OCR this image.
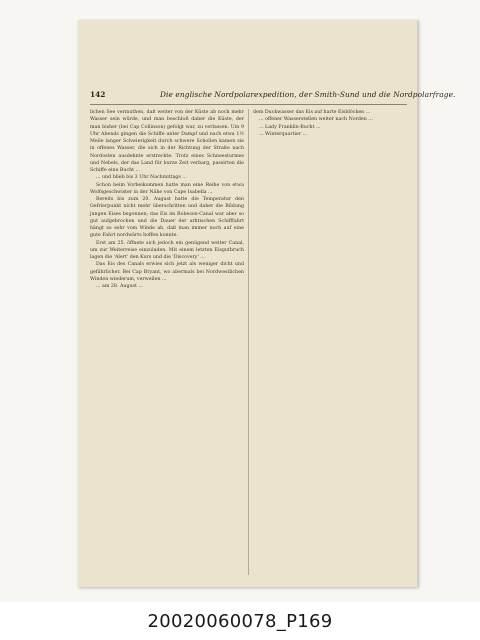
142	Die englische Nordpolarexpedition, der Smith-Sund und die Nordpolarfrage.

lichen See vermuthen, daß weiter von der Küste ab noch mehr Wasser sein würde, und man beschloß daher die Küste, der man bisher (bei Cap Collinson) gefolgt war, zu verlassen. Um 9 Uhr Abends gingen die Schiffe unter Dampf und nach etwa 1½ Meile langer Schwierigkeit durch schwere Schollen kamen sie in offenes Wasser, die sich in der Richtung der Straße nach Nordosten ausdehnte erstreckte. Trotz eines Schneesturmes und Nebels, der das Land für kurze Zeit verbarg, passirten die Schiffe eine Bucht ...

... und blieb bis 3 Uhr Nachmittags ...

Schon beim Vorbeikommen hatte man eine Reihe von etwa Wolfsgeschwister in der Nähe von Cape Isabella ...

Bereits bis zum 20. August hatte die Temperatur den Gefrierpunkt nicht mehr überschritten und daher die Bildung jungen Eises begonnen; das Eis im Robeson-Canal war aber so gut aufgebrochen und die Dauer der arktischen Schifffahrt hängt so sehr vom Winde ab, daß man immer noch auf eine gute Fahrt nordwärts hoffen konnte.

Erst am 25. öffnete sich jedoch ein genügend weiter Canal, um zur Weiterreise einzuladen. Mit einem letzten Eisgutbruch lagen die 'Alert' den Kurs und die 'Discovery' ...

Das Eis des Canals erwies sich jetzt als weniger dicht und gefährlicher. Bei Cap Bryant, wo abermals bei Nordwestlichen Winden wiederum, verweilen ...

... am 28. August ...

dem Duckwasser das Eis auf harte Eisblöcken ...

... offener Wasserstellen weiter nach Norden ...

... Lady Franklin-Bucht ...

... Winterquartier ...

20020060078_P169
